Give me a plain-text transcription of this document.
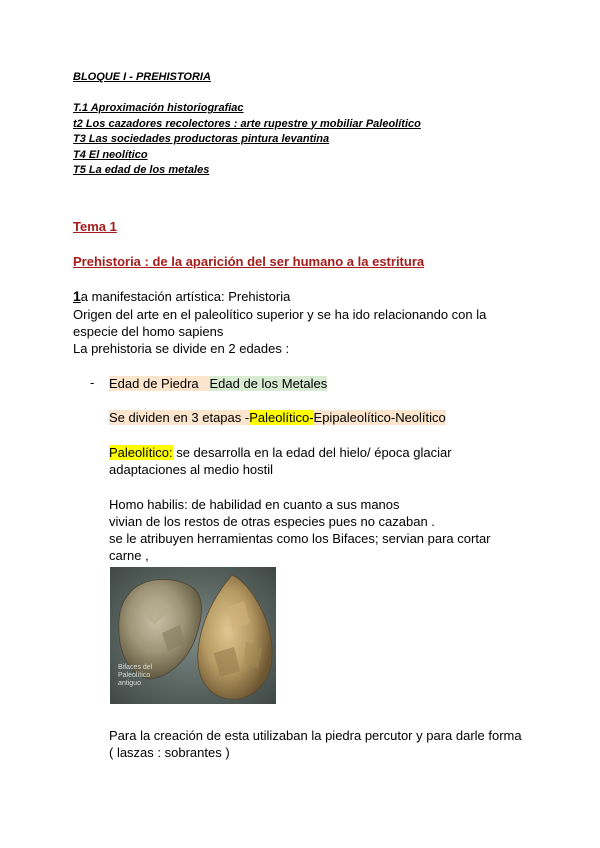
BLOQUE I - PREHISTORIA
T.1 Aproximación historiografiac
t2 Los cazadores recolectores : arte rupestre y mobiliar Paleolítico
T3 Las sociedades productoras pintura levantina
T4 El neolítico
T5 La edad de los metales
Tema 1
Prehistoria : de la aparición del ser humano a la estritura
1a manifestación artística: Prehistoria
Origen del arte en el paleolítico superior y se ha ido relacionando con la
especie del homo sapiens
La prehistoria se divide en 2 edades :
- Edad de Piedra Edad de los Metales
Se dividen en 3 etapas -Paleolítico-Epipaleolítico-Neolítico
Paleolítico: se desarrolla en la edad del hielo/ época glaciar
adaptaciones al medio hostil
Homo habilis: de habilidad en cuanto a sus manos
vivian de los restos de otras especies pues no cazaban .
se le atribuyen herramientas como los Bifaces; servian para cortar
carne ,
Bifaces del
Paleolítico
antiguo
Para la creación de esta utilizaban la piedra percutor y para darle forma
( laszas : sobrantes )
